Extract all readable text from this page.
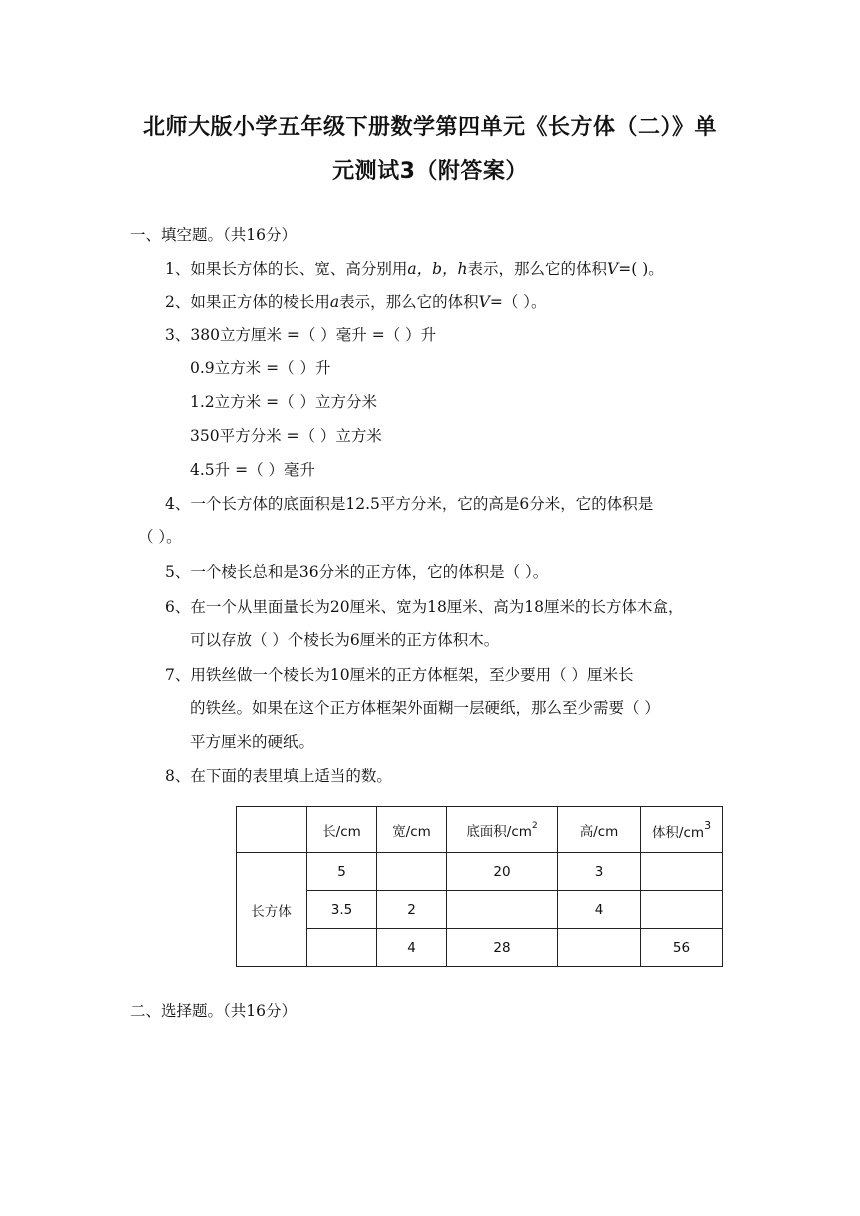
北师大版小学五年级下册数学第四单元《长方体（二）》单
元测试3（附答案）
一、填空题。（共16分）
1、如果长方体的长、宽、高分别用a，b，h表示，那么它的体积V=( )。
2、如果正方体的棱长用a表示，那么它的体积V=（ ）。
3、380立方厘米 =（ ）毫升 =（ ）升
0.9立方米 =（ ）升
1.2立方米 =（ ）立方分米
350平方分米 =（ ）立方米
4.5升 =（ ）毫升
4、一个长方体的底面积是12.5平方分米，它的高是6分米，它的体积是
（ ）。
5、一个棱长总和是36分米的正方体，它的体积是（ ）。
6、在一个从里面量长为20厘米、宽为18厘米、高为18厘米的长方体木盒，
可以存放（ ）个棱长为6厘米的正方体积木。
7、用铁丝做一个棱长为10厘米的正方体框架，至少要用（ ）厘米长
的铁丝。如果在这个正方体框架外面糊一层硬纸，那么至少需要（ ）
平方厘米的硬纸。
8、在下面的表里填上适当的数。
	长/cm	宽/cm	底面积$/cm^2$	高/cm	体积$/cm^3$
长方体	5		20	3	
	3.5	2		4	
		4	28		56
二、选择题。（共16分）
